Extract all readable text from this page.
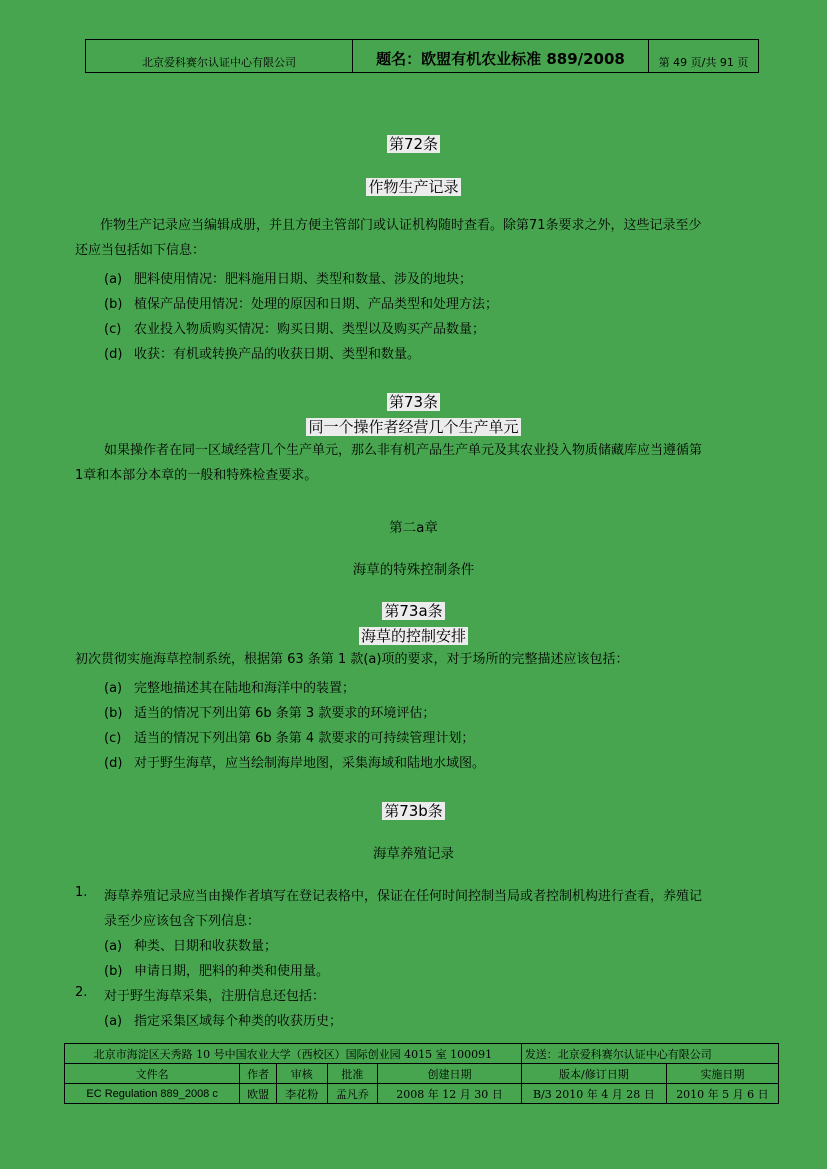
北京爱科赛尔认证中心有限公司	题名：欧盟有机农业标准 889/2008	第 49 页/共 91 页
第72条
作物生产记录
作物生产记录应当编辑成册，并且方便主管部门或认证机构随时查看。除第71条要求之外，这些记录至少
还应当包括如下信息：
(a) 肥料使用情况：肥料施用日期、类型和数量、涉及的地块；
(b) 植保产品使用情况：处理的原因和日期、产品类型和处理方法；
(c) 农业投入物质购买情况：购买日期、类型以及购买产品数量；
(d) 收获：有机或转换产品的收获日期、类型和数量。
第73条
同一个操作者经营几个生产单元
如果操作者在同一区域经营几个生产单元，那么非有机产品生产单元及其农业投入物质储藏库应当遵循第
1章和本部分本章的一般和特殊检查要求。
第二a章
海草的特殊控制条件
第73a条
海草的控制安排
初次贯彻实施海草控制系统，根据第 63 条第 1 款(a)项的要求，对于场所的完整描述应该包括：
(a) 完整地描述其在陆地和海洋中的装置；
(b) 适当的情况下列出第 6b 条第 3 款要求的环境评估；
(c) 适当的情况下列出第 6b 条第 4 款要求的可持续管理计划；
(d) 对于野生海草，应当绘制海岸地图，采集海域和陆地水域图。
第73b条
海草养殖记录
1. 海草养殖记录应当由操作者填写在登记表格中，保证在任何时间控制当局或者控制机构进行查看，养殖记
录至少应该包含下列信息：
(a) 种类、日期和收获数量；
(b) 申请日期，肥料的种类和使用量。
2. 对于野生海草采集，注册信息还包括：
(a) 指定采集区域每个种类的收获历史；
北京市海淀区天秀路 10 号中国农业大学（西校区）国际创业园 4015 室 100091					发送：北京爱科赛尔认证中心有限公司	
文件名	作者	审核	批准	创建日期	版本/修订日期	实施日期
EC Regulation 889_2008 c	欧盟	李花粉	孟凡乔	2008 年 12 月 30 日	B/3 2010 年 4 月 28 日	2010 年 5 月 6 日
